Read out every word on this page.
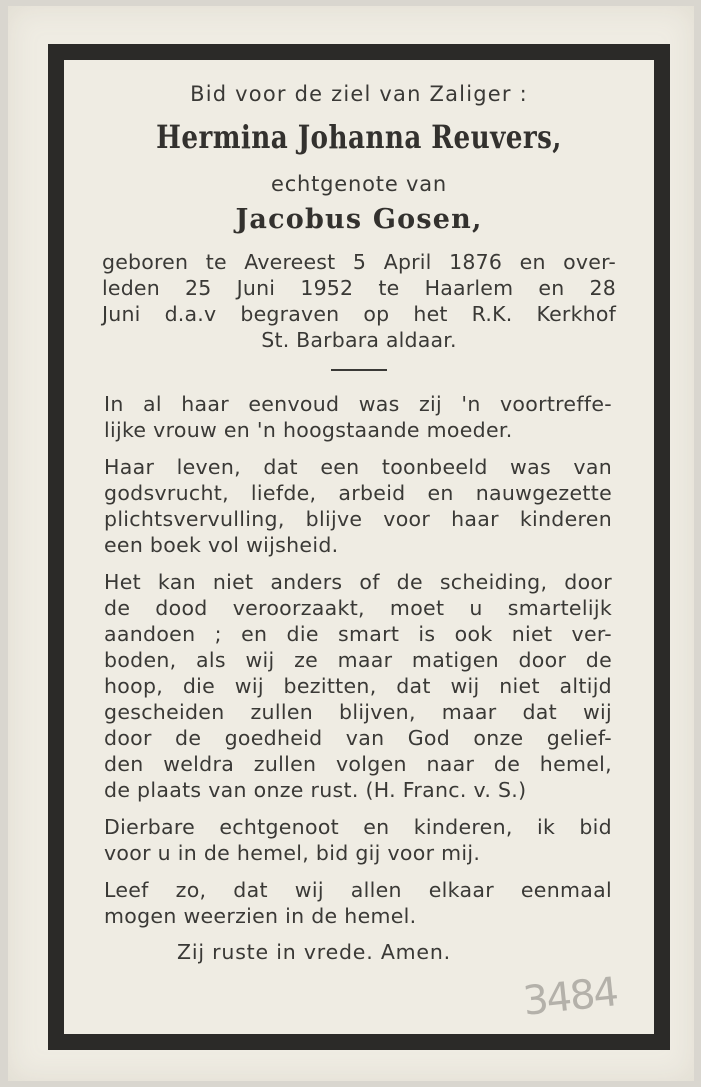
Bid voor de ziel van Zaliger :
Hermina Johanna Reuvers,
echtgenote van
Jacobus Gosen,
geboren te Avereest 5 April 1876 en over-
leden 25 Juni 1952 te Haarlem en 28
Juni d.a.v begraven op het R.K. Kerkhof
St. Barbara aldaar.
In al haar eenvoud was zij 'n voortreffe-
lijke vrouw en 'n hoogstaande moeder.
Haar leven, dat een toonbeeld was van
godsvrucht, liefde, arbeid en nauwgezette
plichtsvervulling, blijve voor haar kinderen
een boek vol wijsheid.
Het kan niet anders of de scheiding, door
de dood veroorzaakt, moet u smartelijk
aandoen ; en die smart is ook niet ver-
boden, als wij ze maar matigen door de
hoop, die wij bezitten, dat wij niet altijd
gescheiden zullen blijven, maar dat wij
door de goedheid van God onze gelief-
den weldra zullen volgen naar de hemel,
de plaats van onze rust. (H. Franc. v. S.)
Dierbare echtgenoot en kinderen, ik bid
voor u in de hemel, bid gij voor mij.
Leef zo, dat wij allen elkaar eenmaal
mogen weerzien in de hemel.
Zij ruste in vrede. Amen.
3484
